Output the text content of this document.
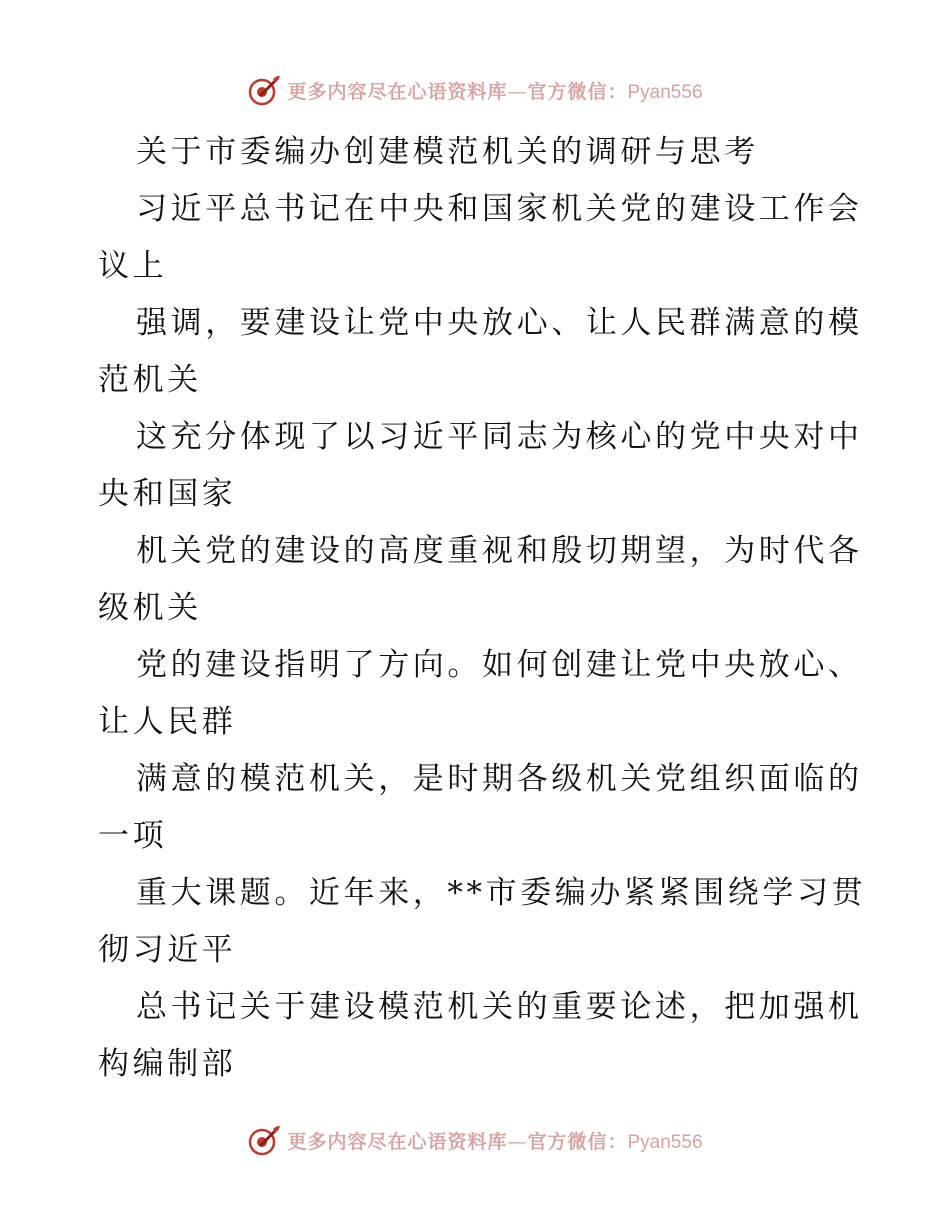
更多内容尽在心语资料库—官方微信：Pyan556

关于市委编办创建模范机关的调研与思考

习近平总书记在中央和国家机关党的建设工作会

议上

强调，要建设让党中央放心、让人民群满意的模

范机关

这充分体现了以习近平同志为核心的党中央对中

央和国家

机关党的建设的高度重视和殷切期望，为时代各

级机关

党的建设指明了方向。如何创建让党中央放心、

让人民群

满意的模范机关，是时期各级机关党组织面临的

一项

重大课题。近年来，**市委编办紧紧围绕学习贯

彻习近平

总书记关于建设模范机关的重要论述，把加强机

构编制部

更多内容尽在心语资料库—官方微信：Pyan556
